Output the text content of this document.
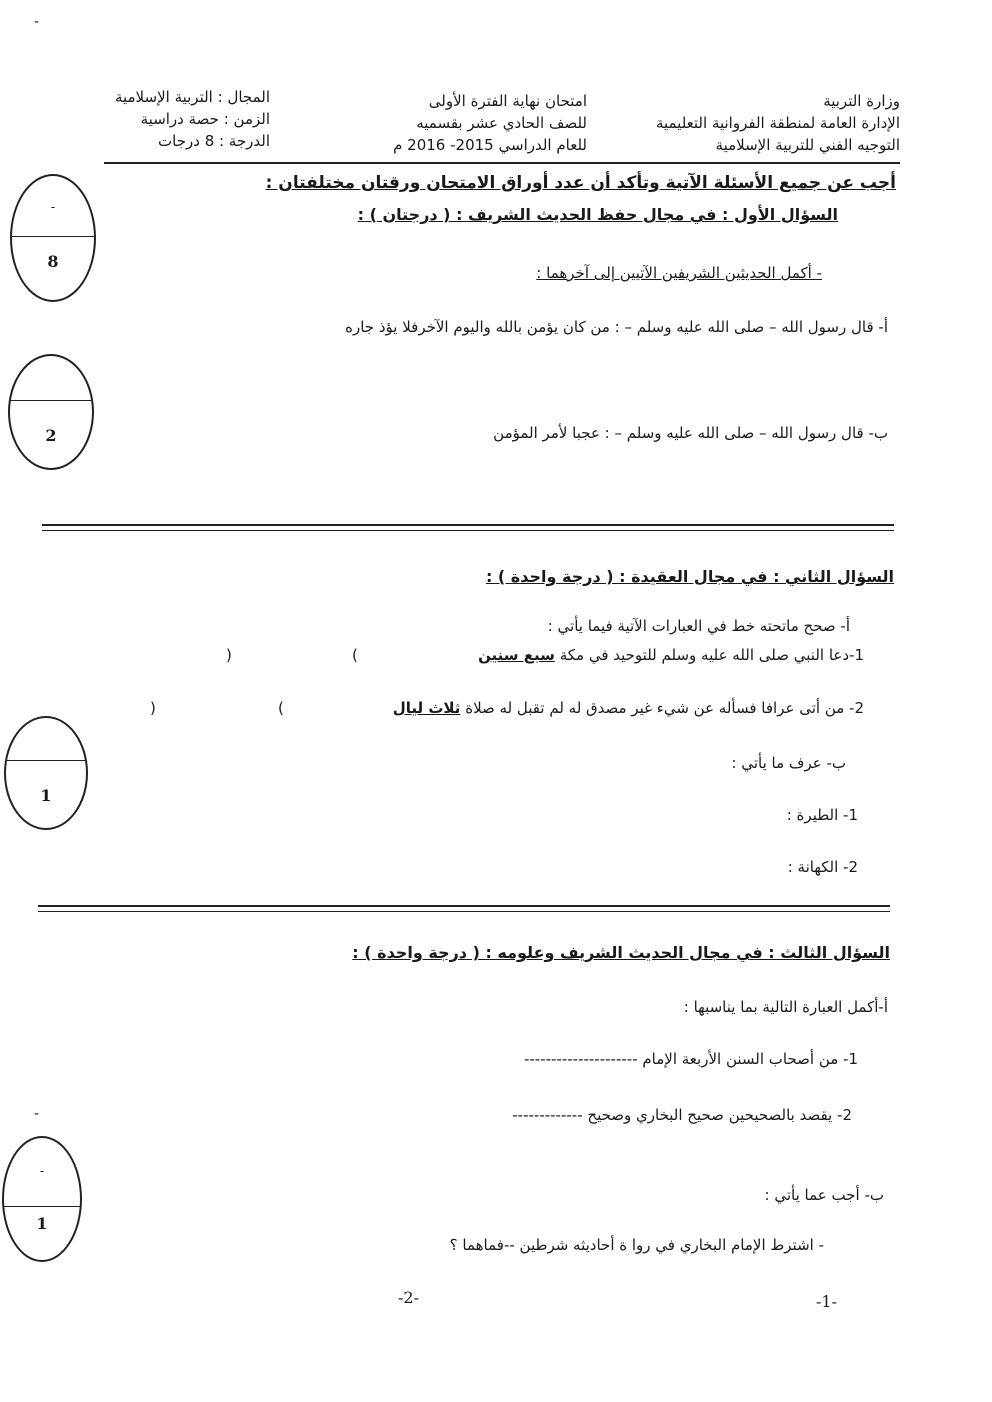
-
وزارة التربية
الإدارة العامة لمنطقة الفروانية التعليمية
التوجيه الفني للتربية الإسلامية
امتحان نهاية الفترة الأولى
للصف الحادي عشر بقسميه
للعام الدراسي 2015- 2016 م
المجال : التربية الإسلامية
الزمن : حصة دراسية
الدرجة : 8 درجات
أجب عن جميع الأسئلة الآتية وتأكد أن عدد أوراق الامتحان ورقتان مختلفتان :
السؤال الأول : في مجال حفظ الحديث الشريف : ( درجتان ) :
- أكمل الحديثين الشريفين الآتيين إلى آخرهما :
أ- قال رسول الله – صلى الله عليه وسلم – : من كان يؤمن بالله واليوم الآخرفلا يؤذ جاره
ب- قال رسول الله – صلى الله عليه وسلم – : عجبا لأمر المؤمن
السؤال الثاني : في مجال العقيدة : ( درجة واحدة ) :
أ- صحح ماتحته خط في العبارات الآتية فيما يأتي :
1-دعا النبي صلى الله عليه وسلم للتوحيد في مكة سبع سنين
(
)
2- من أتى عرافا فسأله عن شيء غير مصدق له لم تقبل له صلاة ثلاث ليال
(
)
ب- عرف ما يأتي :
1- الطيرة :
2- الكهانة :
السؤال الثالث : في مجال الحديث الشريف وعلومه : ( درجة واحدة ) :
أ-أكمل العبارة التالية بما يناسبها :
1- من أصحاب السنن الأربعة الإمام ---------------------
2- يقصد بالصحيحين صحيح البخاري وصحيح -------------
ب- أجب عما يأتي :
- اشترط الإمام البخاري في روا ة أحاديثه شرطين --فماهما ؟
-
8
2
1
-
-
1
-2-	-1-
